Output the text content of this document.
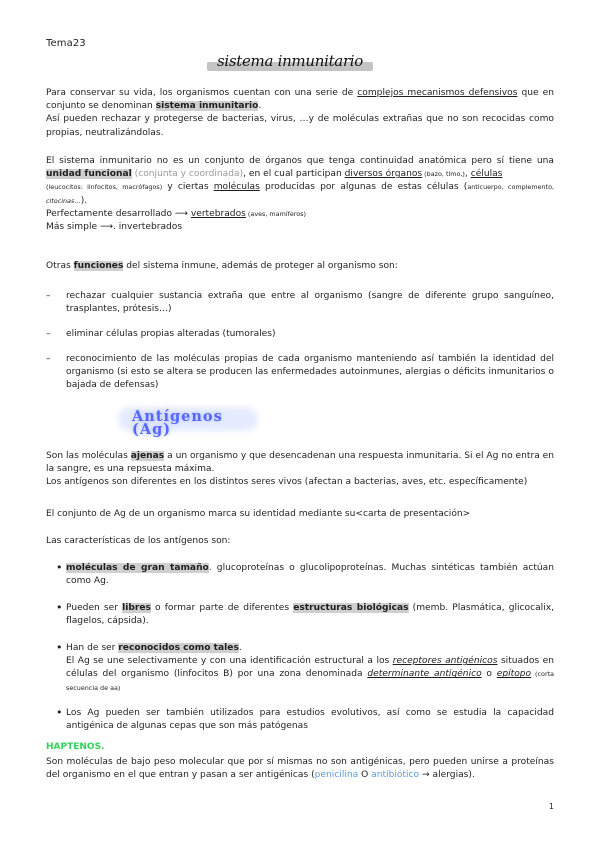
Tema23
sistema inmunitario
Para conservar su vida, los organismos cuentan con una serie de complejos mecanismos defensivos que en conjunto se denominan sistema inmunitario.
Así pueden rechazar y protegerse de bacterias, virus, …y de moléculas extrañas que no son recocidas como propias, neutralizándolas.
El sistema inmunitario no es un conjunto de órganos que tenga continuidad anatómica pero sí tiene una unidad funcional (conjunta y coordinada), en el cual participan diversos órganos (bazo, timo,), células
(leucocitos: linfocitos, macrófagos) y ciertas moléculas producidas por algunas de estas células (anticuerpo, complemento, citocinas…).
Perfectamente desarrollado ⟶ vertebrados (aves, mamíferos)
Más simple ⟶. invertebrados
Otras funciones del sistema inmune, además de proteger al organismo son:
–	rechazar cualquier sustancia extraña que entre al organismo (sangre de diferente grupo sanguíneo, trasplantes, prótesis…)
–	eliminar células propias alteradas (tumorales)
–	reconocimiento de las moléculas propias de cada organismo manteniendo así también la identidad del organismo (si esto se altera se producen las enfermedades autoinmunes, alergias o déficits inmunitarios o bajada de defensas)
Antígenos (Ag)
Son las moléculas ajenas a un organismo y que desencadenan una respuesta inmunitaria. Si el Ag no entra en la sangre, es una repsuesta máxima.
Los antígenos son diferentes en los distintos seres vivos (afectan a bacterias, aves, etc. específicamente)
El conjunto de Ag de un organismo marca su identidad mediante su<carta de presentación>
Las características de los antígenos son:
• moléculas de gran tamaño. glucoproteínas o glucolipoproteínas. Muchas sintéticas también actúan como Ag.
• Pueden ser libres o formar parte de diferentes estructuras biológicas (memb. Plasmática, glicocalix, flagelos, cápsida).
• Han de ser reconocidos como tales.
El Ag se une selectivamente y con una identificación estructural a los receptores antigénicos situados en células del organismo (linfocitos B) por una zona denominada determinante antigénico o epítopo (corta secuencia de aa)
• Los Ag pueden ser también utilizados para estudios evolutivos, así como se estudia la capacidad antigénica de algunas cepas que son más patógenas
HAPTENOS.
Son moléculas de bajo peso molecular que por sí mismas no son antigénicas, pero pueden unirse a proteínas del organismo en el que entran y pasan a ser antigénicas (penicilina O antibiótico → alergias).
1
